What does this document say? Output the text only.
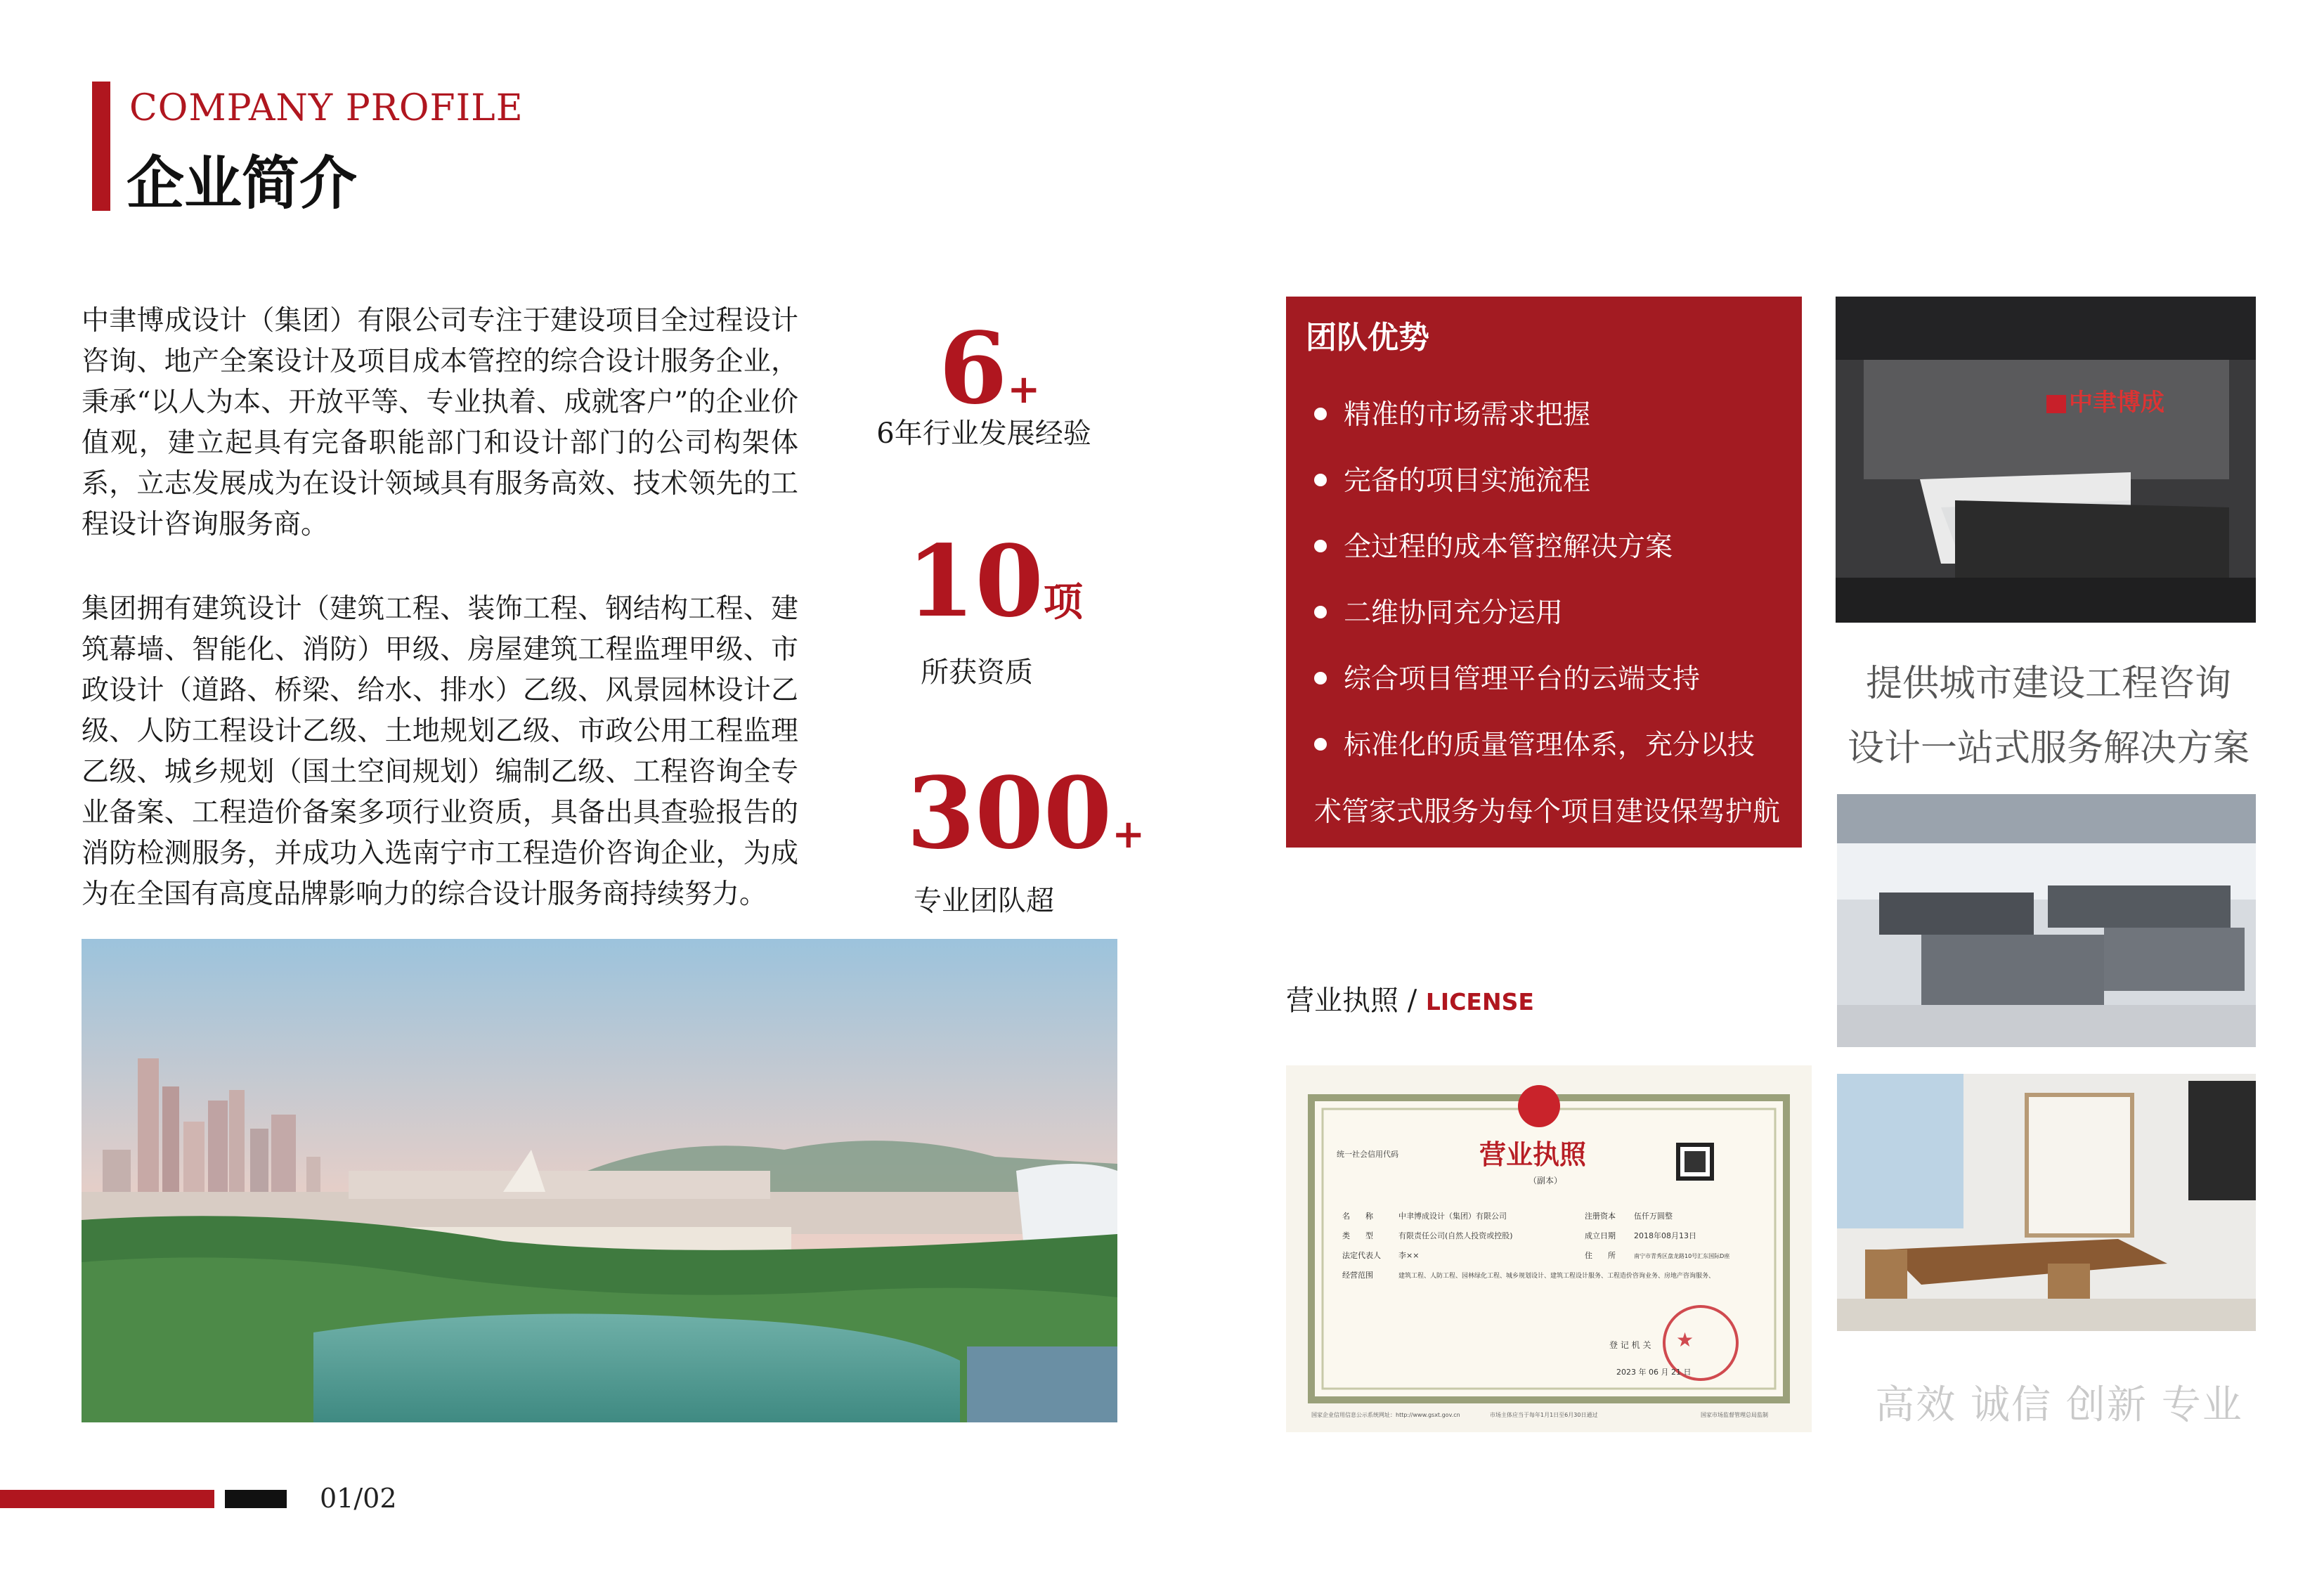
COMPANY PROFILE
企业简介
中聿博成设计（集团）有限公司专注于建设项目全过程设计咨询、地产全案设计及项目成本管控的综合设计服务企业，秉承“以人为本、开放平等、专业执着、成就客户”的企业价值观，建立起具有完备职能部门和设计部门的公司构架体系，立志发展成为在设计领域具有服务高效、技术领先的工程设计咨询服务商。
集团拥有建筑设计（建筑工程、装饰工程、钢结构工程、建筑幕墙、智能化、消防）甲级、房屋建筑工程监理甲级、市政设计（道路、桥梁、给水、排水）乙级、风景园林设计乙级、人防工程设计乙级、土地规划乙级、市政公用工程监理乙级、城乡规划（国土空间规划）编制乙级、工程咨询全专业备案、工程造价备案多项行业资质，具备出具查验报告的消防检测服务，并成功入选南宁市工程造价咨询企业，为成为在全国有高度品牌影响力的综合设计服务商持续努力。
6+
6年行业发展经验
10项
所获资质
300+
专业团队超
团队优势
精准的市场需求把握
完备的项目实施流程
全过程的成本管控解决方案
二维协同充分运用
综合项目管理平台的云端支持
标准化的质量管理体系，充分以技
术管家式服务为每个项目建设保驾护航
中聿博成
提供城市建设工程咨询
设计一站式服务解决方案
高效 诚信 创新 专业
营业执照 / LICENSE
营业执照
（副本）
统一社会信用代码
名　　称	中聿博成设计（集团）有限公司
类　　型	有限责任公司(自然人投资或控股)
法定代表人 李××
经营范围	建筑工程、人防工程、园林绿化工程、城乡规划设计、建筑工程设计服务、工程造价咨询业务、房地产咨询服务、
注册资本 伍仟万圆整
成立日期 2018年08月13日
住　　所	南宁市青秀区盘龙路10号汇东国际D座
★
登 记 机 关
2023 年 06 月 21 日
国家企业信用信息公示系统网址：http://www.gsxt.gov.cn	市场主体应当于每年1月1日至6月30日通过	国家市场监督管理总局监制
01/02
